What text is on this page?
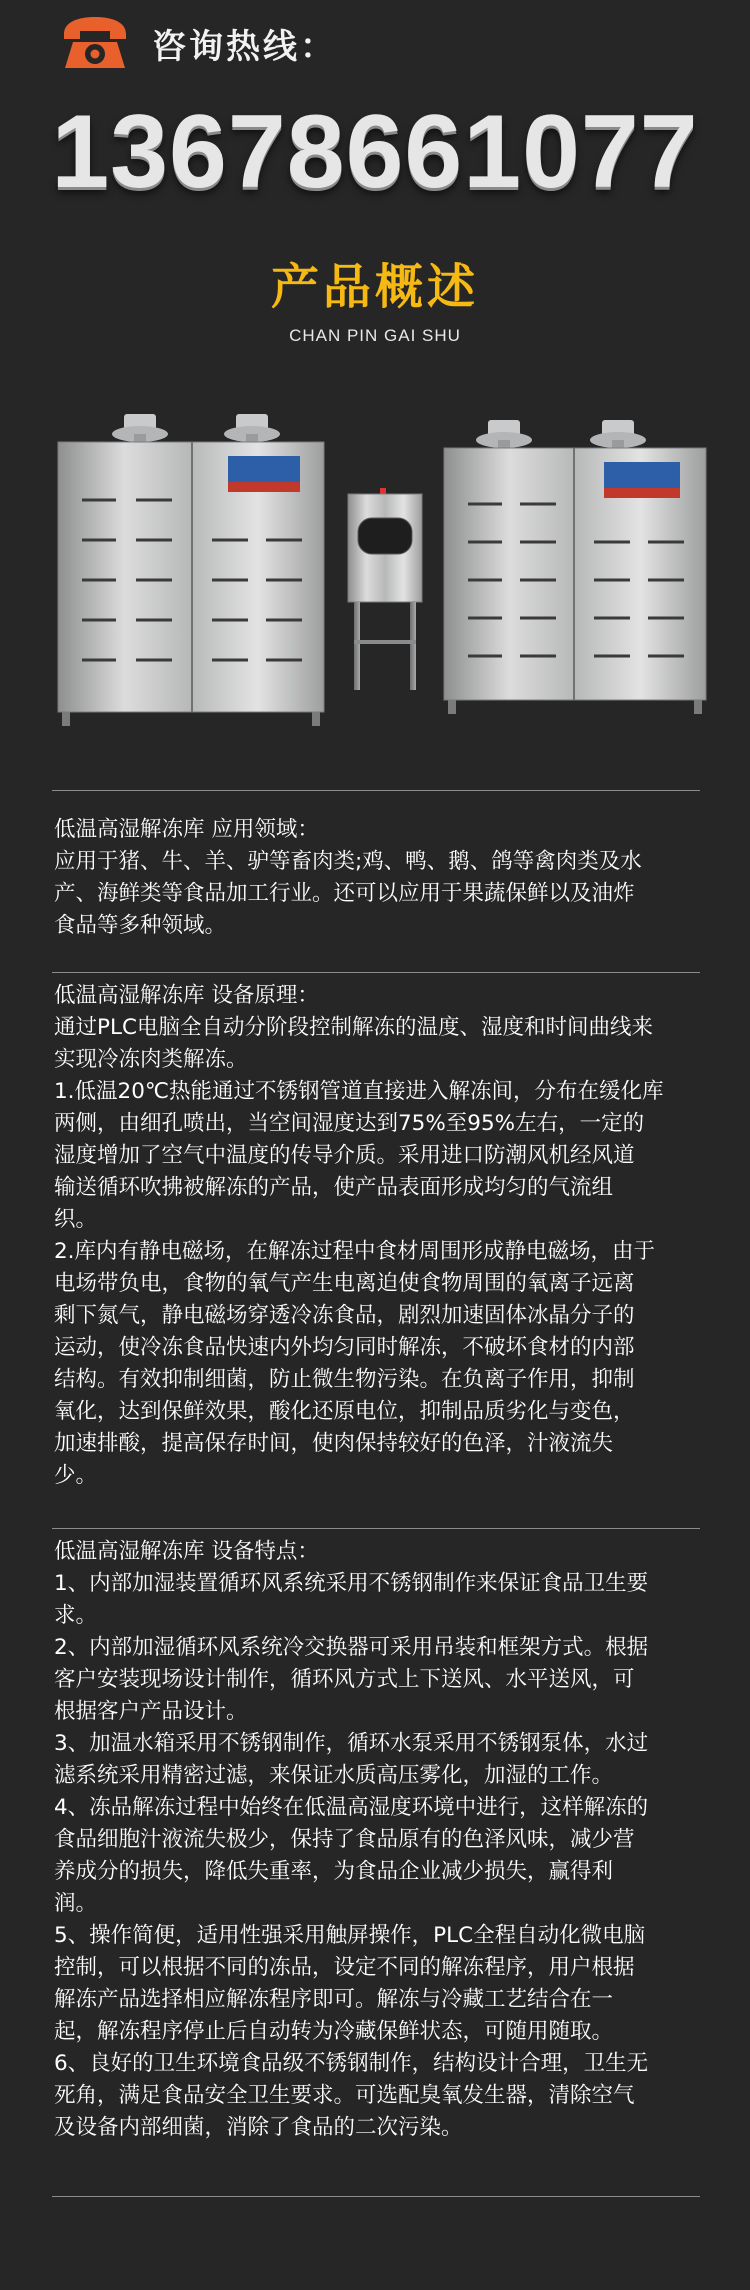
咨询热线：
13678661077
产品概述
CHAN PIN GAI SHU

低温高湿解冻库 应用领域：

应用于猪、牛、羊、驴等畜肉类;鸡、鸭、鹅、鸽等禽肉类及水

产、海鲜类等食品加工行业。还可以应用于果蔬保鲜以及油炸

食品等多种领域。

低温高湿解冻库 设备原理：

通过PLC电脑全自动分阶段控制解冻的温度、湿度和时间曲线来

实现冷冻肉类解冻。

1.低温20℃热能通过不锈钢管道直接进入解冻间，分布在缓化库

两侧，由细孔喷出，当空间湿度达到75%至95%左右，一定的

湿度增加了空气中温度的传导介质。采用进口防潮风机经风道

输送循环吹拂被解冻的产品，使产品表面形成均匀的气流组

织。

2.库内有静电磁场，在解冻过程中食材周围形成静电磁场，由于

电场带负电，食物的氧气产生电离迫使食物周围的氧离子远离

剩下氮气，静电磁场穿透冷冻食品，剧烈加速固体冰晶分子的

运动，使冷冻食品快速内外均匀同时解冻，不破坏食材的内部

结构。有效抑制细菌，防止微生物污染。在负离子作用，抑制

氧化，达到保鲜效果，酸化还原电位，抑制品质劣化与变色，

加速排酸，提高保存时间，使肉保持较好的色泽，汁液流失

少。

低温高湿解冻库 设备特点：

1、内部加湿装置循环风系统采用不锈钢制作来保证食品卫生要

求。

2、内部加湿循环风系统冷交换器可采用吊装和框架方式。根据

客户安装现场设计制作，循环风方式上下送风、水平送风，可

根据客户产品设计。

3、加温水箱采用不锈钢制作，循环水泵采用不锈钢泵体，水过

滤系统采用精密过滤，来保证水质高压雾化，加湿的工作。

4、冻品解冻过程中始终在低温高湿度环境中进行，这样解冻的

食品细胞汁液流失极少，保持了食品原有的色泽风味，减少营

养成分的损失，降低失重率，为食品企业减少损失，赢得利

润。

5、操作简便，适用性强采用触屏操作，PLC全程自动化微电脑

控制，可以根据不同的冻品，设定不同的解冻程序，用户根据

解冻产品选择相应解冻程序即可。解冻与冷藏工艺结合在一

起，解冻程序停止后自动转为冷藏保鲜状态，可随用随取。

6、良好的卫生环境食品级不锈钢制作，结构设计合理，卫生无

死角，满足食品安全卫生要求。可选配臭氧发生器，清除空气

及设备内部细菌，消除了食品的二次污染。
